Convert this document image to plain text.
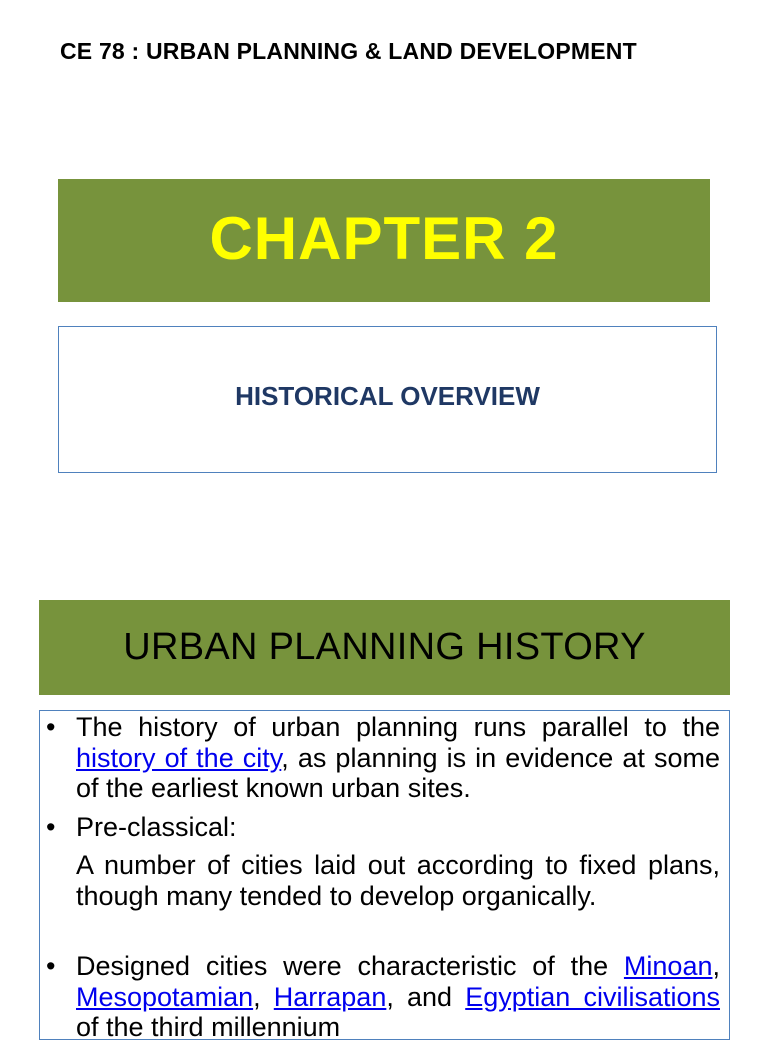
CE 78 : URBAN PLANNING & LAND DEVELOPMENT
CHAPTER 2
HISTORICAL OVERVIEW
URBAN PLANNING HISTORY
• The history of urban planning runs parallel to the history of the city, as planning is in evidence at some of the earliest known urban sites.
• Pre-classical:
A number of cities laid out according to fixed plans, though many tended to develop organically.
• Designed cities were characteristic of the Minoan, Mesopotamian, Harrapan, and Egyptian civilisations of the third millennium
